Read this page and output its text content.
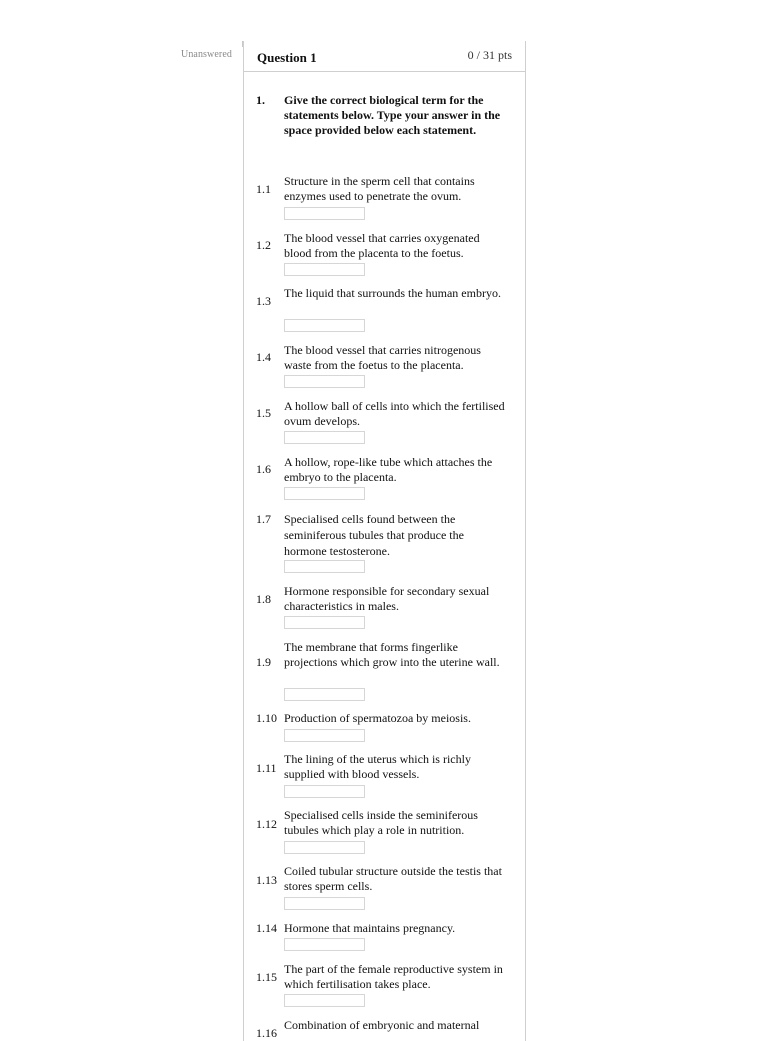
Unanswered Question 1	0 / 31 pts
1. Give the correct biological term for the statements below. Type your answer in the space provided below each statement.
1.1
Structure in the sperm cell that contains enzymes used to penetrate the ovum.
1.2 The blood vessel that carries oxygenated blood from the placenta to the foetus.
1.3
The liquid that surrounds the human embryo.
1.4 The blood vessel that carries nitrogenous waste from the foetus to the placenta.
1.5 A hollow ball of cells into which the fertilised ovum develops.
1.6 A hollow, rope-like tube which attaches the embryo to the placenta.
1.7 Specialised cells found between the seminiferous tubules that produce the hormone testosterone.
1.8
Hormone responsible for secondary sexual characteristics in males.
1.9
The membrane that forms fingerlike projections which grow into the uterine wall.
1.10 Production of spermatozoa by meiosis.
1.11
The lining of the uterus which is richly supplied with blood vessels.
1.12
Specialised cells inside the seminiferous tubules which play a role in nutrition.
1.13
Coiled tubular structure outside the testis that stores sperm cells.
1.14 Hormone that maintains pregnancy.
1.15
The part of the female reproductive system in which fertilisation takes place.
1.16
Combination of embryonic and maternal
